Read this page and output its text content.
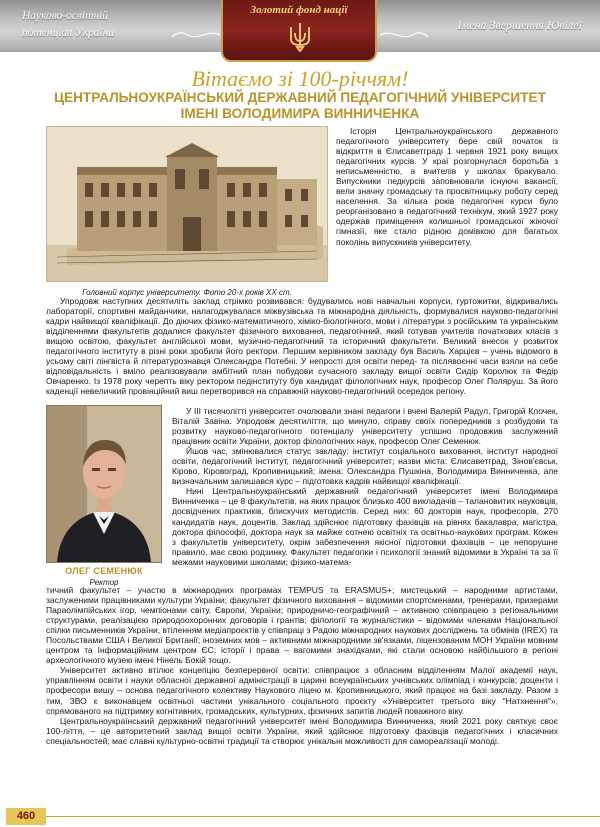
Науково-освітній
потенціал України
Золотий фонд нації
Імена Звершення Ювілеї
Вітаємо зі 100-річчям!
ЦЕНТРАЛЬНОУКРАЇНСЬКИЙ ДЕРЖАВНИЙ ПЕДАГОГІЧНИЙ УНІВЕРСИТЕТ
ІМЕНІ ВОЛОДИМИРА ВИННИЧЕНКА
Головний корпус університету. Фото 20-х років ХХ ст.
ОЛЕГ СЕМЕНЮК
Ректор

Історія Центральноукраїнського державного педагогічного університету бере свій початок із відкриття в Єлисаветграді 1 червня 1921 року вищих педагогічних курсів. У краї розгорнулася боротьба з неписьменністю, а вчителів у школах бракувало. Випускники педкурсів заповнювали існуючі вакансії, вели значну громадську та просвітницьку роботу серед населення. За кілька років педагогічні курси було реорганізовано в педагогічний технікум, який 1927 року одержав приміщення колишньої громадської жіночої гімназії, яке стало рідною домівкою для багатьох поколінь випускників університету.

Упродовж наступних десятиліть заклад стрімко розвивався: будувались нові навчальні корпуси, гуртожитки, відкривались лабораторії, спортивні майданчики, налагоджувалася міжвузівська та міжнародна діяльність, формувалися науково-педагогічні кадри найвищої кваліфікації. До діючих фізико-математичного, хіміко-біологічного, мови і літератури з російським та українським відділеннями факультетів додалися факультет фізичного виховання, педагогічний, який готував учителів початкових класів з вищою освітою, факультет англійської мови, музично-педагогічний та історичний факультети. Великий внесок у розвиток педагогічного інституту в різні роки зробили його ректори. Першим керівником закладу був Василь Харцієв – учень відомого в усьому світі лінгвіста й літературознавця Олександра Потебні. У непрості для освіти перед- та післявоєнні часи взяли на себе відповідальність і вміло реалізовували амбітний план побудови сучасного закладу вищої освіти Сидір Королюк та Федір Овчаренко. Із 1978 року черепть віку ректором педінституту був кандидат філологічних наук, професор Олег Поляруш. За його каденції невеличкий провінційний виш перетворився на справжній науково-педагогічний осередок регіону.

У ІІІ тисячолітті університет очолювали знані педагоги і вчені Валерій Радул, Григорій Клочек, Віталій Завіна. Упродовж десятиліття, що минуло, справу своїх попередників з розбудови та розвитку науково-педагогічного потенціалу університету успішно продовжив заслужений працівник освіти України, доктор філологічних наук, професор Олег Семенюк.

Йшов час, змінювалися статус закладу: інститут соціального виховання, інститут народної освіти, педагогічний інститут, педагогічний університет; назви міста: Єлисаветград, Зінов'євськ, Кірово, Кіровоград, Кропивницький; імена: Олександра Пушкіна, Володимира Винниченка, але визначальним залишався курс – підготовка кадрів найвищої кваліфікації.

Нині Центральноукраїнський державний педагогічний університет імені Володимира Винниченка – це 8 факультетів, на яких працює близько 400 викладачів – талановитих науковців, досвідчених практиків, блискучих методистів. Серед них: 60 докторів наук, професорів, 270 кандидатів наук, доцентів. Заклад здійснює підготовку фахівців на рівнях бакалавра, магістра, доктора філософії, доктора наук за майже сотнею освітніх та освітньо-наукових програм. Кожен з факультетів університету, окрім забезпечення якісної підготовки фахівців – це непорушне правило, має свою родзинку. Факультет педагогіки і психології знаний відомими в Україні та за її межами науковими школами; фізико-матема-

тичний факультет – участю в міжнародних програмах TEMPUS та ERASMUS+; мистецький – народними артистами, заслуженими працівниками культури України; факультет фізичного виховання – відомими спортсменами, тренерами, призерами Параолімпійських ігор, чемпіонами світу, Європи, України; природничо-географічний – активною співпрацею з регіональними структурами, реалізацією природоохоронних договорів і грантів; філології та журналістики – відомими членами Національної спілки письменників України, втіленням медіапроєктів у співпраці з Радою міжнародних наукових досліджень та обмінів (IREX) та Посольствами США і Великої Британії; іноземних мов – активними міжнародними зв'язками, ліцензованим МОН України мовним центром та Інформаційним центром ЄС; історії і права – вагомими знахідками, які стали основою найбільшого в регіоні археологічного музею імені Нінель Бокій тощо.

Університет активно втілює концепцію безперервної освіти: співпрацює з обласним відділенням Малої академії наук, управлінням освіти і науки обласної державної адміністрації в царині всеукраїнських учнівських олімпіад і конкурсів; доценти і професори вишу – основа педагогічного колективу Наукового ліцею м. Кропивницького, який працює на базі закладу. Разом з тим, ЗВО є виконавцем освітньої частини унікального соціального проєкту «Університет третього віку "Натхнення"», спрямованого на підтримку когнітивних, громадських, культурних, фізичних запитів людей поважного віку.

Центральноукраїнський державний педагогічний університет імені Володимира Винниченка, який 2021 року святкує своє 100-ліття, – це авторитетний заклад вищої освіти України, який здійснює підготовку фахівців педагогічних і класичних спеціальностей; має славні культурно-освітні традиції та створює унікальні можливості для самореалізації молоді.

460
